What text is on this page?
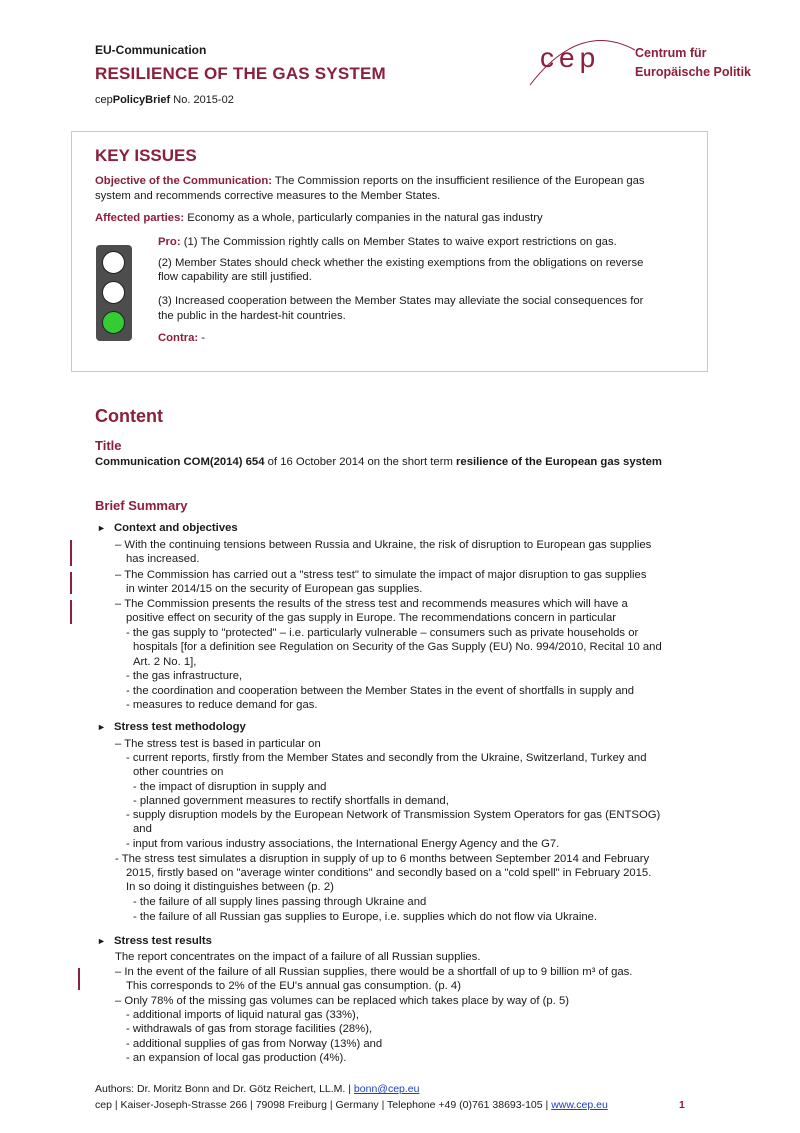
EU-Communication
RESILIENCE OF THE GAS SYSTEM
cepPolicyBrief No. 2015-02
cep	Centrum für
Europäische Politik
KEY ISSUES
Objective of the Communication: The Commission reports on the insufficient resilience of the European gas
system and recommends corrective measures to the Member States.
Affected parties: Economy as a whole, particularly companies in the natural gas industry
Pro: (1) The Commission rightly calls on Member States to waive export restrictions on gas.
(2) Member States should check whether the existing exemptions from the obligations on reverse
flow capability are still justified.
(3) Increased cooperation between the Member States may alleviate the social consequences for
the public in the hardest-hit countries.
Contra: -
Content
Title
Communication COM(2014) 654 of 16 October 2014 on the short term resilience of the European gas system
Brief Summary
► Context and objectives
► Stress test methodology
► Stress test results
– With the continuing tensions between Russia and Ukraine, the risk of disruption to European gas supplies
has increased.
– The Commission has carried out a "stress test" to simulate the impact of major disruption to gas supplies
in winter 2014/15 on the security of European gas supplies.
– The Commission presents the results of the stress test and recommends measures which will have a
positive effect on security of the gas supply in Europe. The recommendations concern in particular
- the gas supply to "protected" – i.e. particularly vulnerable – consumers such as private households or
hospitals [for a definition see Regulation on Security of the Gas Supply (EU) No. 994/2010, Recital 10 and
Art. 2 No. 1],
- the gas infrastructure,
- the coordination and cooperation between the Member States in the event of shortfalls in supply and
- measures to reduce demand for gas.
– The stress test is based in particular on
- current reports, firstly from the Member States and secondly from the Ukraine, Switzerland, Turkey and
other countries on
- the impact of disruption in supply and
- planned government measures to rectify shortfalls in demand,
- supply disruption models by the European Network of Transmission System Operators for gas (ENTSOG)
and
- input from various industry associations, the International Energy Agency and the G7.
- The stress test simulates a disruption in supply of up to 6 months between September 2014 and February
2015, firstly based on "average winter conditions" and secondly based on a "cold spell" in February 2015.
In so doing it distinguishes between (p. 2)
- the failure of all supply lines passing through Ukraine and
- the failure of all Russian gas supplies to Europe, i.e. supplies which do not flow via Ukraine.
The report concentrates on the impact of a failure of all Russian supplies.
– In the event of the failure of all Russian supplies, there would be a shortfall of up to 9 billion m³ of gas.
This corresponds to 2% of the EU's annual gas consumption. (p. 4)
– Only 78% of the missing gas volumes can be replaced which takes place by way of (p. 5)
- additional imports of liquid natural gas (33%),
- withdrawals of gas from storage facilities (28%),
- additional supplies of gas from Norway (13%) and
- an expansion of local gas production (4%).
Authors: Dr. Moritz Bonn and Dr. Götz Reichert, LL.M. | bonn@cep.eu
cep | Kaiser-Joseph-Strasse 266 | 79098 Freiburg | Germany | Telephone +49 (0)761 38693-105 | www.cep.eu	1
